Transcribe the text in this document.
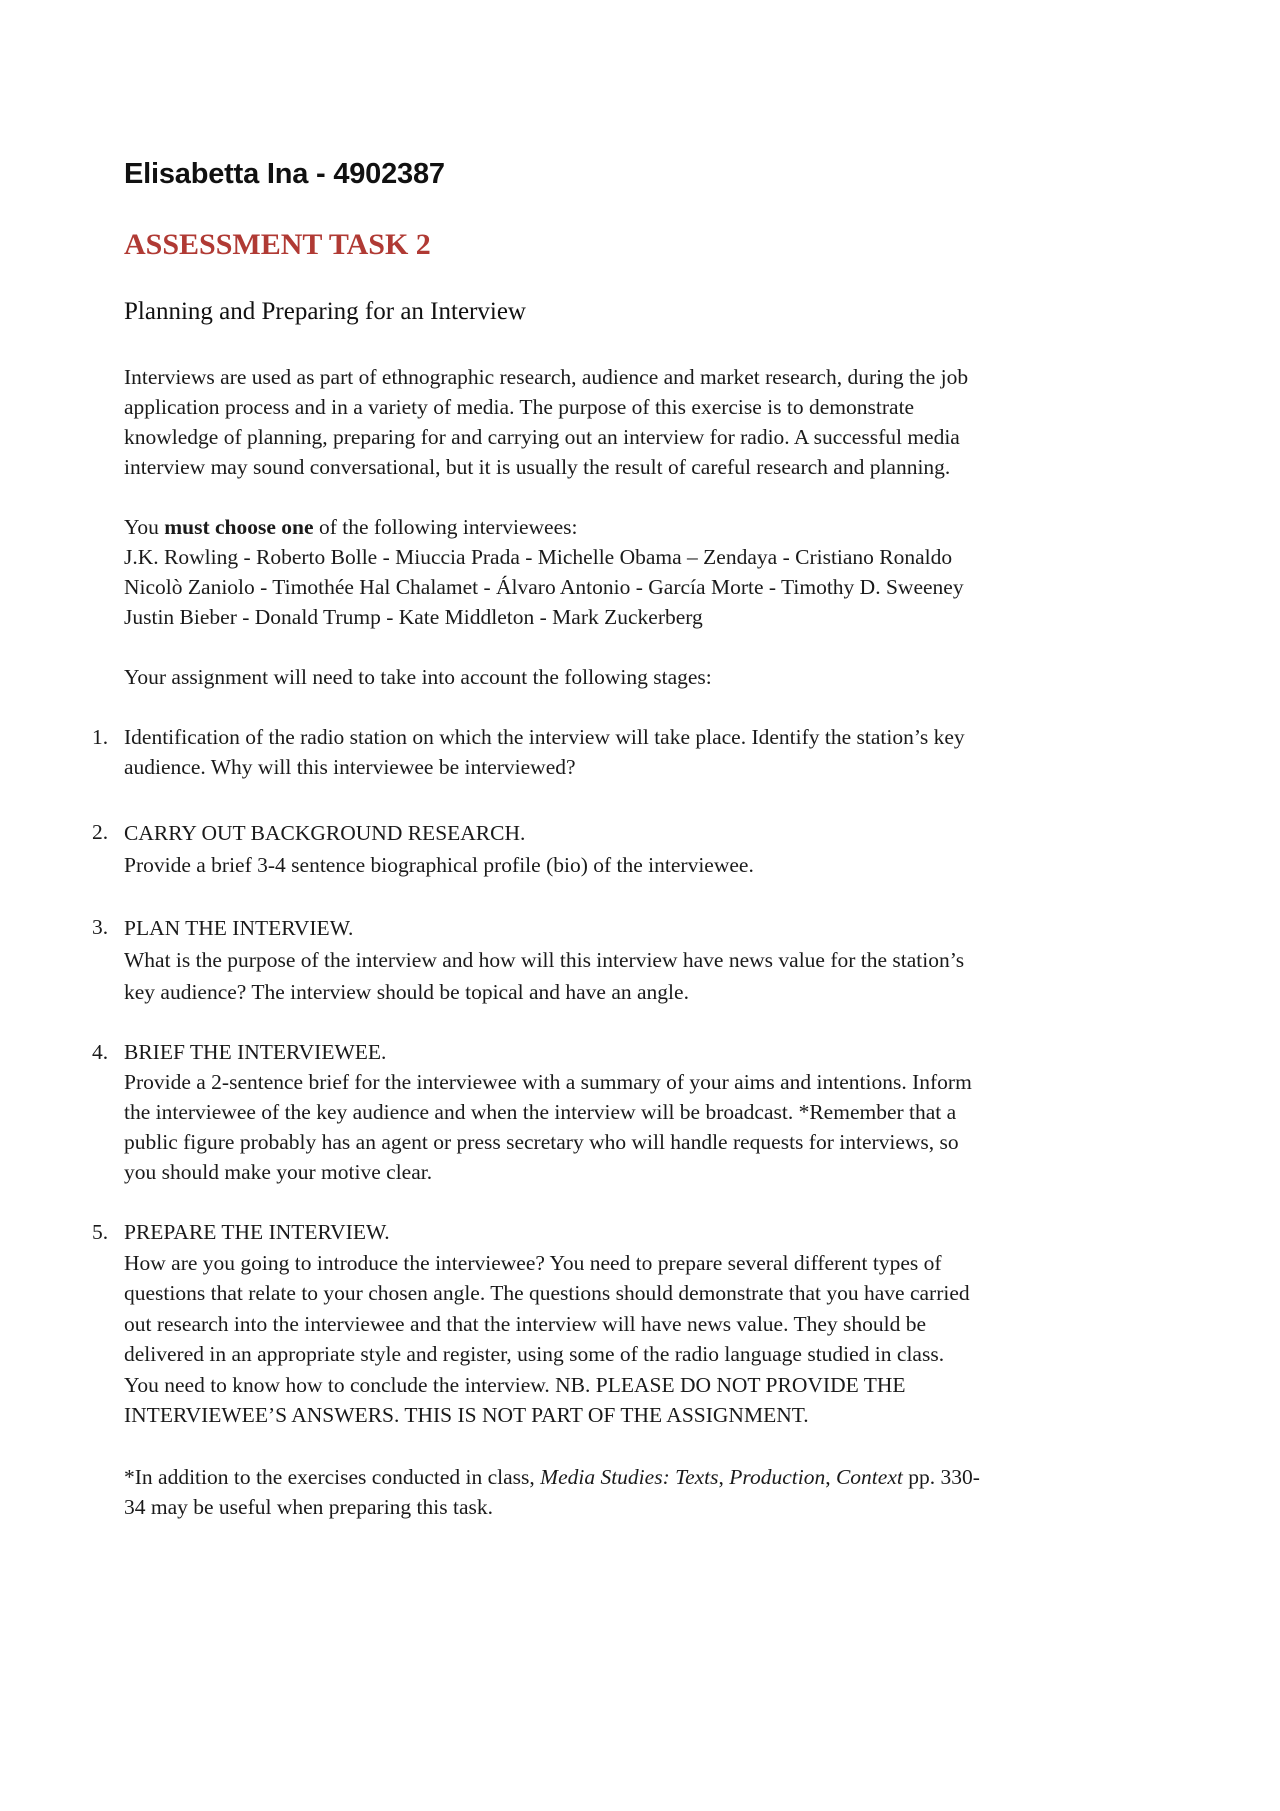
Elisabetta Ina - 4902387
ASSESSMENT TASK 2
Planning and Preparing for an Interview
Interviews are used as part of ethnographic research, audience and market research, during the job
application process and in a variety of media. The purpose of this exercise is to demonstrate
knowledge of planning, preparing for and carrying out an interview for radio. A successful media
interview may sound conversational, but it is usually the result of careful research and planning.
You must choose one of the following interviewees:
J.K. Rowling - Roberto Bolle - Miuccia Prada - Michelle Obama – Zendaya - Cristiano Ronaldo
Nicolò Zaniolo - Timothée Hal Chalamet - Álvaro Antonio - García Morte - Timothy D. Sweeney
Justin Bieber - Donald Trump - Kate Middleton - Mark Zuckerberg
Your assignment will need to take into account the following stages:
1. Identification of the radio station on which the interview will take place. Identify the station’s key
audience. Why will this interviewee be interviewed?
2. CARRY OUT BACKGROUND RESEARCH.
Provide a brief 3-4 sentence biographical profile (bio) of the interviewee.
3. PLAN THE INTERVIEW.
What is the purpose of the interview and how will this interview have news value for the station’s
key audience? The interview should be topical and have an angle.
4. BRIEF THE INTERVIEWEE.
Provide a 2-sentence brief for the interviewee with a summary of your aims and intentions. Inform
the interviewee of the key audience and when the interview will be broadcast. *Remember that a
public figure probably has an agent or press secretary who will handle requests for interviews, so
you should make your motive clear.
5. PREPARE THE INTERVIEW.
How are you going to introduce the interviewee? You need to prepare several different types of
questions that relate to your chosen angle. The questions should demonstrate that you have carried
out research into the interviewee and that the interview will have news value. They should be
delivered in an appropriate style and register, using some of the radio language studied in class.
You need to know how to conclude the interview. NB. PLEASE DO NOT PROVIDE THE
INTERVIEWEE’S ANSWERS. THIS IS NOT PART OF THE ASSIGNMENT.
*In addition to the exercises conducted in class, Media Studies: Texts, Production, Context pp. 330-
34 may be useful when preparing this task.
